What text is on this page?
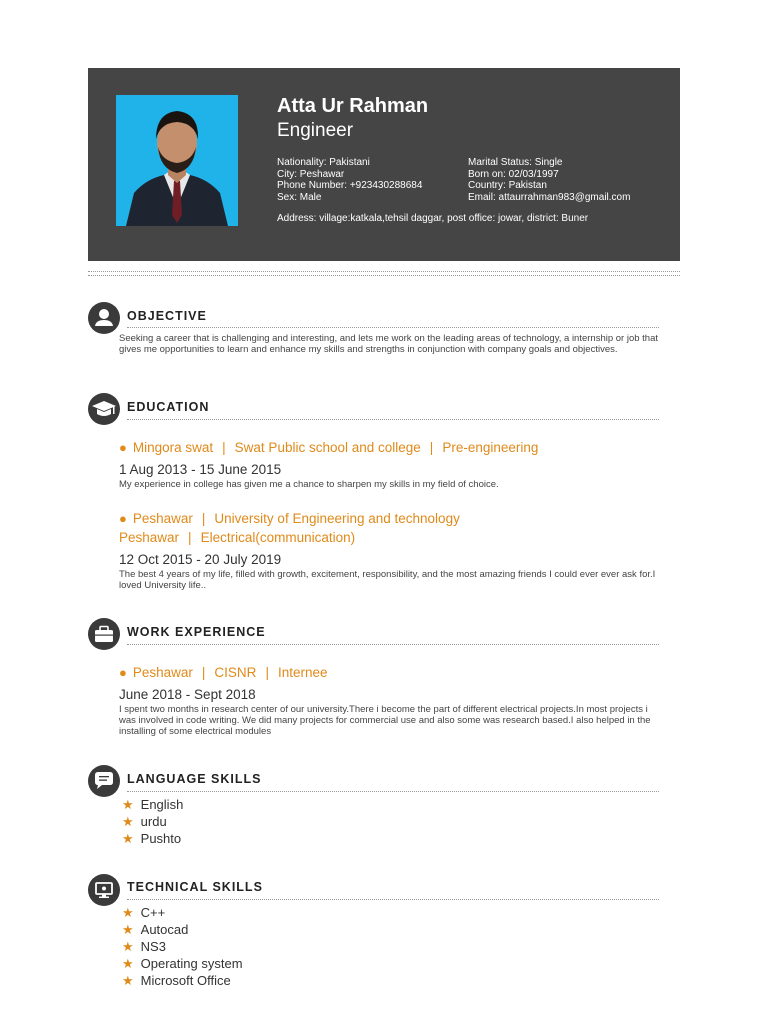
Atta Ur Rahman
Engineer
Nationality: Pakistani
City: Peshawar
Phone Number: +923430288684
Sex: Male
Marital Status: Single
Born on: 02/03/1997
Country: Pakistan
Email: attaurrahman983@gmail.com
Address: village:katkala,tehsil daggar, post office: jowar, district: Buner
OBJECTIVE
Seeking a career that is challenging and interesting, and lets me work on the leading areas of technology, a internship or job that gives me opportunities to learn and enhance my skills and strengths in conjunction with company goals and objectives.
EDUCATION
● Mingora swat | Swat Public school and college | Pre-engineering
1 Aug 2013 - 15 June 2015
My experience in college has given me a chance to sharpen my skills in my field of choice.
● Peshawar | University of Engineering and technology Peshawar | Electrical(communication)
12 Oct 2015 - 20 July 2019
The best 4 years of my life, filled with growth, excitement, responsibility, and the most amazing friends I could ever ever ask for.I loved University life..
WORK EXPERIENCE
● Peshawar | CISNR | Internee
June 2018 - Sept 2018
I spent two months in research center of our university.There i become the part of different electrical projects.In most projects i was involved in code writing. We did many projects for commercial use and also some was research based.I also helped in the installing of some electrical modules
LANGUAGE SKILLS
★ English
★ urdu
★ Pushto
TECHNICAL SKILLS
★ C++
★ Autocad
★ NS3
★ Operating system
★ Microsoft Office
